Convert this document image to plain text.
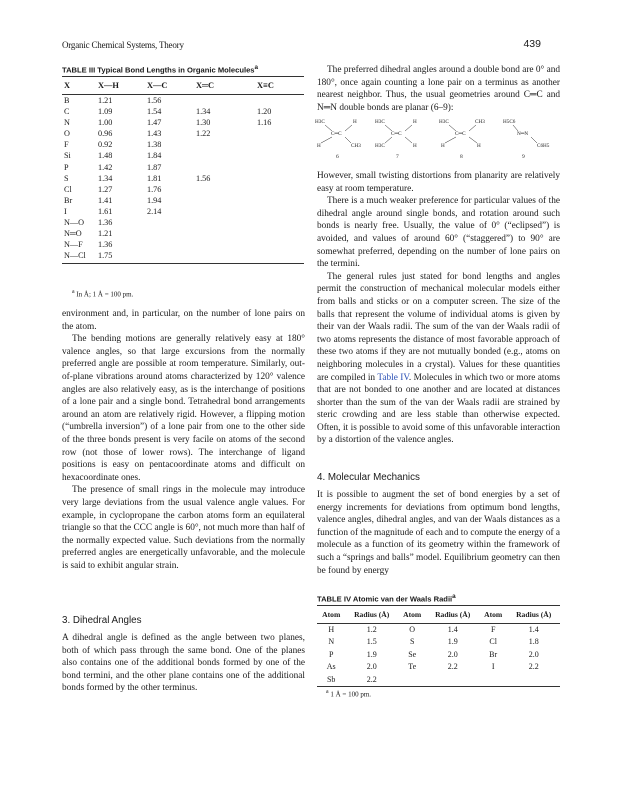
Organic Chemical Systems, Theory	439
TABLE III Typical Bond Lengths in Organic Molecules$^a$
X	X—H	X—C	X═C	X≡C
B	1.21	1.56		
C	1.09	1.54	1.34	1.20
N	1.00	1.47	1.30	1.16
O	0.96	1.43	1.22	
F	0.92	1.38		
Si	1.48	1.84		
P	1.42	1.87		
S	1.34	1.81	1.56	
Cl	1.27	1.76		
Br	1.41	1.94		
I	1.61	2.14		
N—O	1.36			
N═O	1.21			
N—F	1.36			
N—Cl	1.75			
$^a$ In Å; 1 Å = 100 pm.

environment and, in particular, on the number of lone pairs on the atom.

The bending motions are generally relatively easy at 180° valence angles, so that large excursions from the normally preferred angle are possible at room temperature. Similarly, out-of-plane vibrations around atoms characterized by 120° valence angles are also relatively easy, as is the interchange of positions of a lone pair and a single bond. Tetrahedral bond arrangements around an atom are relatively rigid. However, a flipping motion (“umbrella inversion”) of a lone pair from one to the other side of the three bonds present is very facile on atoms of the second row (not those of lower rows). The interchange of ligand positions is easy on pentacoordinate atoms and difficult on hexacoordinate ones.

The presence of small rings in the molecule may introduce very large deviations from the usual valence angle values. For example, in cyclopropane the carbon atoms form an equilateral triangle so that the CCC angle is 60°, not much more than half of the normally expected value. Such deviations from the normally preferred angles are energetically unfavorable, and the molecule is said to exhibit angular strain.

3. Dihedral Angles

A dihedral angle is defined as the angle between two planes, both of which pass through the same bond. One of the planes also contains one of the additional bonds formed by one of the bond termini, and the other plane contains one of the additional bonds formed by the other terminus.

The preferred dihedral angles around a double bond are 0° and 180°, once again counting a lone pair on a terminus as another nearest neighbor. Thus, the usual geometries around C═C and N═N double bonds are planar (6–9):

H3C	H
C═C
H	CH3
6
H3C	H
C═C
H3C	H
7
H3C	CH3
C═C
H	H
8
H5C6
N═N
C6H5
9

However, small twisting distortions from planarity are relatively easy at room temperature.

There is a much weaker preference for particular values of the dihedral angle around single bonds, and rotation around such bonds is nearly free. Usually, the value of 0° (“eclipsed”) is avoided, and values of around 60° (“staggered”) to 90° are somewhat preferred, depending on the number of lone pairs on the termini.

The general rules just stated for bond lengths and angles permit the construction of mechanical molecular models either from balls and sticks or on a computer screen. The size of the balls that represent the volume of individual atoms is given by their van der Waals radii. The sum of the van der Waals radii of two atoms represents the distance of most favorable approach of these two atoms if they are not mutually bonded (e.g., atoms on neighboring molecules in a crystal). Values for these quantities are compiled in Table IV. Molecules in which two or more atoms that are not bonded to one another and are located at distances shorter than the sum of the van der Waals radii are strained by steric crowding and are less stable than otherwise expected. Often, it is possible to avoid some of this unfavorable interaction by a distortion of the valence angles.

4. Molecular Mechanics

It is possible to augment the set of bond energies by a set of energy increments for deviations from optimum bond lengths, valence angles, dihedral angles, and van der Waals distances as a function of the magnitude of each and to compute the energy of a molecule as a function of its geometry within the framework of such a “springs and balls” model. Equilibrium geometry can then be found by energy

TABLE IV Atomic van der Waals Radii$^a$
Atom	Radius (Å)	Atom	Radius (Å)	Atom	Radius (Å)
H	1.2	O	1.4	F	1.4
N	1.5	S	1.9	Cl	1.8
P	1.9	Se	2.0	Br	2.0
As	2.0	Te	2.2	I	2.2
Sb	2.2				
$^a$ 1 Å = 100 pm.
